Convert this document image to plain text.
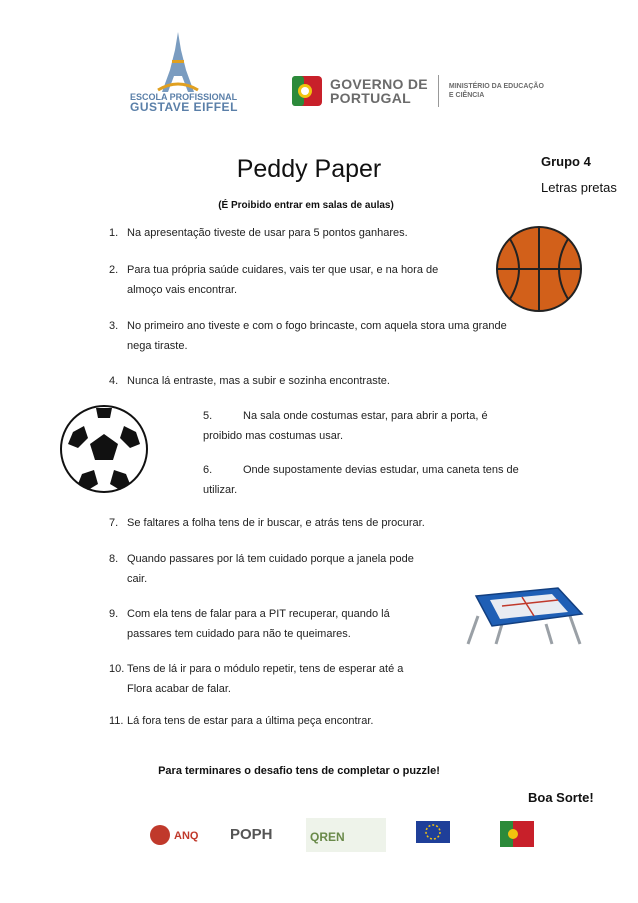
ESCOLA PROFISSIONAL
GUSTAVE EIFFEL
GOVERNO DE
PORTUGAL
MINISTÉRIO DA EDUCAÇÃO
E CIÊNCIA
Peddy Paper
(É Proibido entrar em salas de aulas)
Grupo 4
Letras pretas
1. Na apresentação tiveste de usar para 5 pontos ganhares.
2. Para tua própria saúde cuidares, vais ter que usar, e na hora de
almoço vais encontrar.
3. No primeiro ano tiveste e com o fogo brincaste, com aquela stora uma grande
nega tiraste.
4. Nunca lá entraste, mas a subir e sozinha encontraste.
5.	Na sala onde costumas estar, para abrir a porta, é
proibido mas costumas usar.
6.	Onde supostamente devias estudar, uma caneta tens de
utilizar.
7. Se faltares a folha tens de ir buscar, e atrás tens de procurar.
8. Quando passares por lá tem cuidado porque a janela pode
cair.
9. Com ela tens de falar para a PIT recuperar, quando lá
passares tem cuidado para não te queimares.
10. Tens de lá ir para o módulo repetir, tens de esperar até a
Flora acabar de falar.
11. Lá fora tens de estar para a última peça encontrar.
Para terminares o desafio tens de completar o puzzle!
Boa Sorte!
ANQ POPH	QREN
